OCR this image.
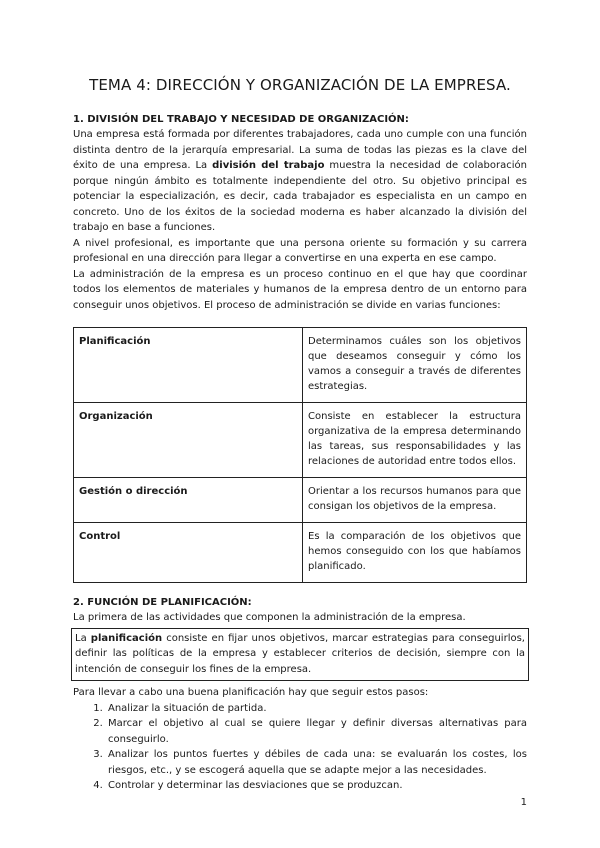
TEMA 4: DIRECCIÓN Y ORGANIZACIÓN DE LA EMPRESA.
1. DIVISIÓN DEL TRABAJO Y NECESIDAD DE ORGANIZACIÓN:

Una empresa está formada por diferentes trabajadores, cada uno cumple con una función distinta dentro de la jerarquía empresarial. La suma de todas las piezas es la clave del éxito de una empresa. La división del trabajo muestra la necesidad de colaboración porque ningún ámbito es totalmente independiente del otro. Su objetivo principal es potenciar la especialización, es decir, cada trabajador es especialista en un campo en concreto. Uno de los éxitos de la sociedad moderna es haber alcanzado la división del trabajo en base a funciones.

A nivel profesional, es importante que una persona oriente su formación y su carrera profesional en una dirección para llegar a convertirse en una experta en ese campo.

La administración de la empresa es un proceso continuo en el que hay que coordinar todos los elementos de materiales y humanos de la empresa dentro de un entorno para conseguir unos objetivos. El proceso de administración se divide en varias funciones:

Planificación	Determinamos cuáles son los objetivos que deseamos conseguir y cómo los vamos a conseguir a través de diferentes estrategias.
Organización	Consiste en establecer la estructura organizativa de la empresa determinando las tareas, sus responsabilidades y las relaciones de autoridad entre todos ellos.
Gestión o dirección	Orientar a los recursos humanos para que consigan los objetivos de la empresa.
Control	Es la comparación de los objetivos que hemos conseguido con los que habíamos planificado.
2. FUNCIÓN DE PLANIFICACIÓN:

La primera de las actividades que componen la administración de la empresa.

La planificación consiste en fijar unos objetivos, marcar estrategias para conseguirlos, definir las políticas de la empresa y establecer criterios de decisión, siempre con la intención de conseguir los fines de la empresa.

Para llevar a cabo una buena planificación hay que seguir estos pasos:

1. Analizar la situación de partida.
2. Marcar el objetivo al cual se quiere llegar y definir diversas alternativas para conseguirlo.
3. Analizar los puntos fuertes y débiles de cada una: se evaluarán los costes, los riesgos, etc., y se escogerá aquella que se adapte mejor a las necesidades.
4. Controlar y determinar las desviaciones que se produzcan.
1
